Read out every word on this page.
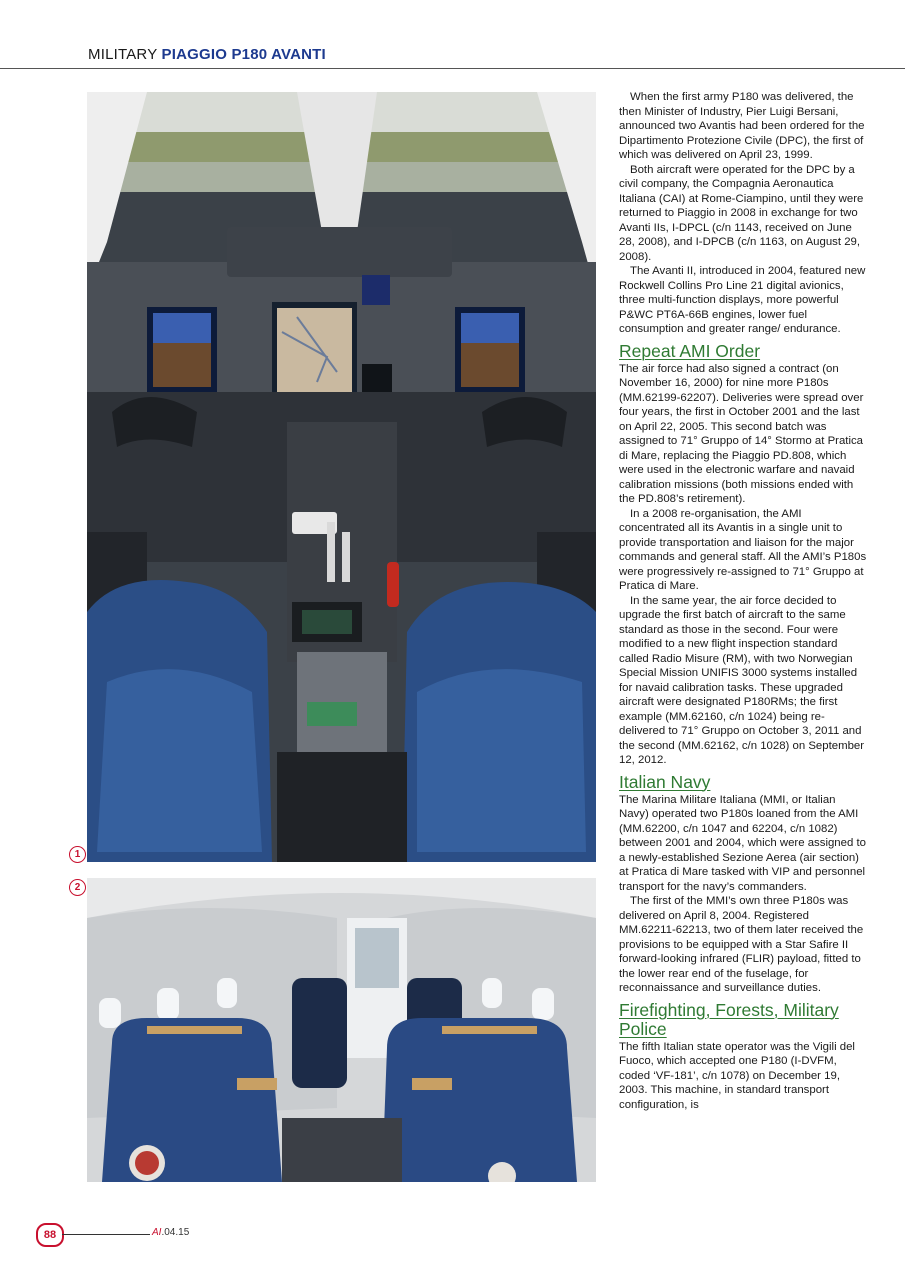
MILITARY PIAGGIO P180 AVANTI
1
2

When the first army P180 was delivered, the then Minister of Industry, Pier Luigi Bersani, announced two Avantis had been ordered for the Dipartimento Protezione Civile (DPC), the first of which was delivered on April 23, 1999.

Both aircraft were operated for the DPC by a civil company, the Compagnia Aeronautica Italiana (CAI) at Rome-Ciampino, until they were returned to Piaggio in 2008 in exchange for two Avanti IIs, I-DPCL (c/n 1143, received on June 28, 2008), and I-DPCB (c/n 1163, on August 29, 2008).

The Avanti II, introduced in 2004, featured new Rockwell Collins Pro Line 21 digital avionics, three multi-function displays, more powerful P&WC PT6A-66B engines, lower fuel consumption and greater range/ endurance.

Repeat AMI Order

The air force had also signed a contract (on November 16, 2000) for nine more P180s (MM.62199-62207). Deliveries were spread over four years, the first in October 2001 and the last on April 22, 2005. This second batch was assigned to 71° Gruppo of 14° Stormo at Pratica di Mare, replacing the Piaggio PD.808, which were used in the electronic warfare and navaid calibration missions (both missions ended with the PD.808’s retirement).

In a 2008 re-organisation, the AMI concentrated all its Avantis in a single unit to provide transportation and liaison for the major commands and general staff. All the AMI’s P180s were progressively re-assigned to 71° Gruppo at Pratica di Mare.

In the same year, the air force decided to upgrade the first batch of aircraft to the same standard as those in the second. Four were modified to a new flight inspection standard called Radio Misure (RM), with two Norwegian Special Mission UNIFIS 3000 systems installed for navaid calibration tasks. These upgraded aircraft were designated P180RMs; the first example (MM.62160, c/n 1024) being re-delivered to 71° Gruppo on October 3, 2011 and the second (MM.62162, c/n 1028) on September 12, 2012.

Italian Navy

The Marina Militare Italiana (MMI, or Italian Navy) operated two P180s loaned from the AMI (MM.62200, c/n 1047 and 62204, c/n 1082) between 2001 and 2004, which were assigned to a newly-established Sezione Aerea (air section) at Pratica di Mare tasked with VIP and personnel transport for the navy’s commanders.

The first of the MMI’s own three P180s was delivered on April 8, 2004. Registered MM.62211-62213, two of them later received the provisions to be equipped with a Star Safire II forward-looking infrared (FLIR) payload, fitted to the lower rear end of the fuselage, for reconnaissance and surveillance duties.

Firefighting, Forests, Military Police

The fifth Italian state operator was the Vigili del Fuoco, which accepted one P180 (I-DVFM, coded ‘VF-181’, c/n 1078) on December 19, 2003. This machine, in standard transport configuration, is

88	AI.04.15
